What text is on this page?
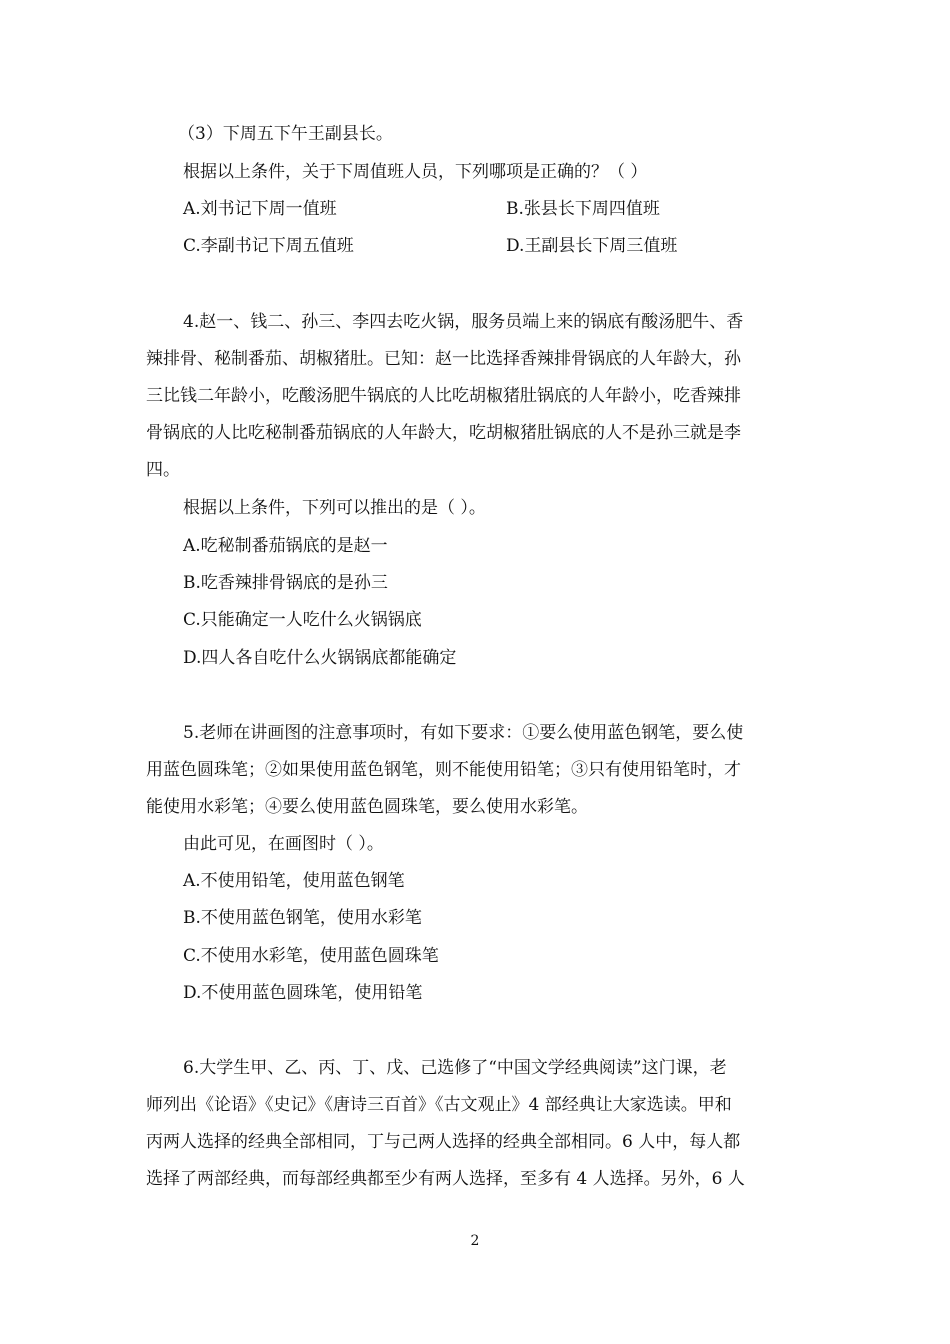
（3）下周五下午王副县长。
根据以上条件，关于下周值班人员，下列哪项是正确的？（ ）
A.刘书记下周一值班	B.张县长下周四值班
C.李副书记下周五值班	D.王副县长下周三值班
4.赵一、钱二、孙三、李四去吃火锅，服务员端上来的锅底有酸汤肥牛、香
辣排骨、秘制番茄、胡椒猪肚。已知：赵一比选择香辣排骨锅底的人年龄大，孙
三比钱二年龄小，吃酸汤肥牛锅底的人比吃胡椒猪肚锅底的人年龄小，吃香辣排
骨锅底的人比吃秘制番茄锅底的人年龄大，吃胡椒猪肚锅底的人不是孙三就是李
四。
根据以上条件，下列可以推出的是（ ）。
A.吃秘制番茄锅底的是赵一
B.吃香辣排骨锅底的是孙三
C.只能确定一人吃什么火锅锅底
D.四人各自吃什么火锅锅底都能确定
5.老师在讲画图的注意事项时，有如下要求：①要么使用蓝色钢笔，要么使
用蓝色圆珠笔；②如果使用蓝色钢笔，则不能使用铅笔；③只有使用铅笔时，才
能使用水彩笔；④要么使用蓝色圆珠笔，要么使用水彩笔。
由此可见，在画图时（ ）。
A.不使用铅笔，使用蓝色钢笔
B.不使用蓝色钢笔，使用水彩笔
C.不使用水彩笔，使用蓝色圆珠笔
D.不使用蓝色圆珠笔，使用铅笔
6.大学生甲、乙、丙、丁、戊、己选修了“中国文学经典阅读”这门课，老
师列出《论语》《史记》《唐诗三百首》《古文观止》4 部经典让大家选读。甲和
丙两人选择的经典全部相同，丁与己两人选择的经典全部相同。6 人中，每人都
选择了两部经典，而每部经典都至少有两人选择，至多有 4 人选择。另外，6 人
2
